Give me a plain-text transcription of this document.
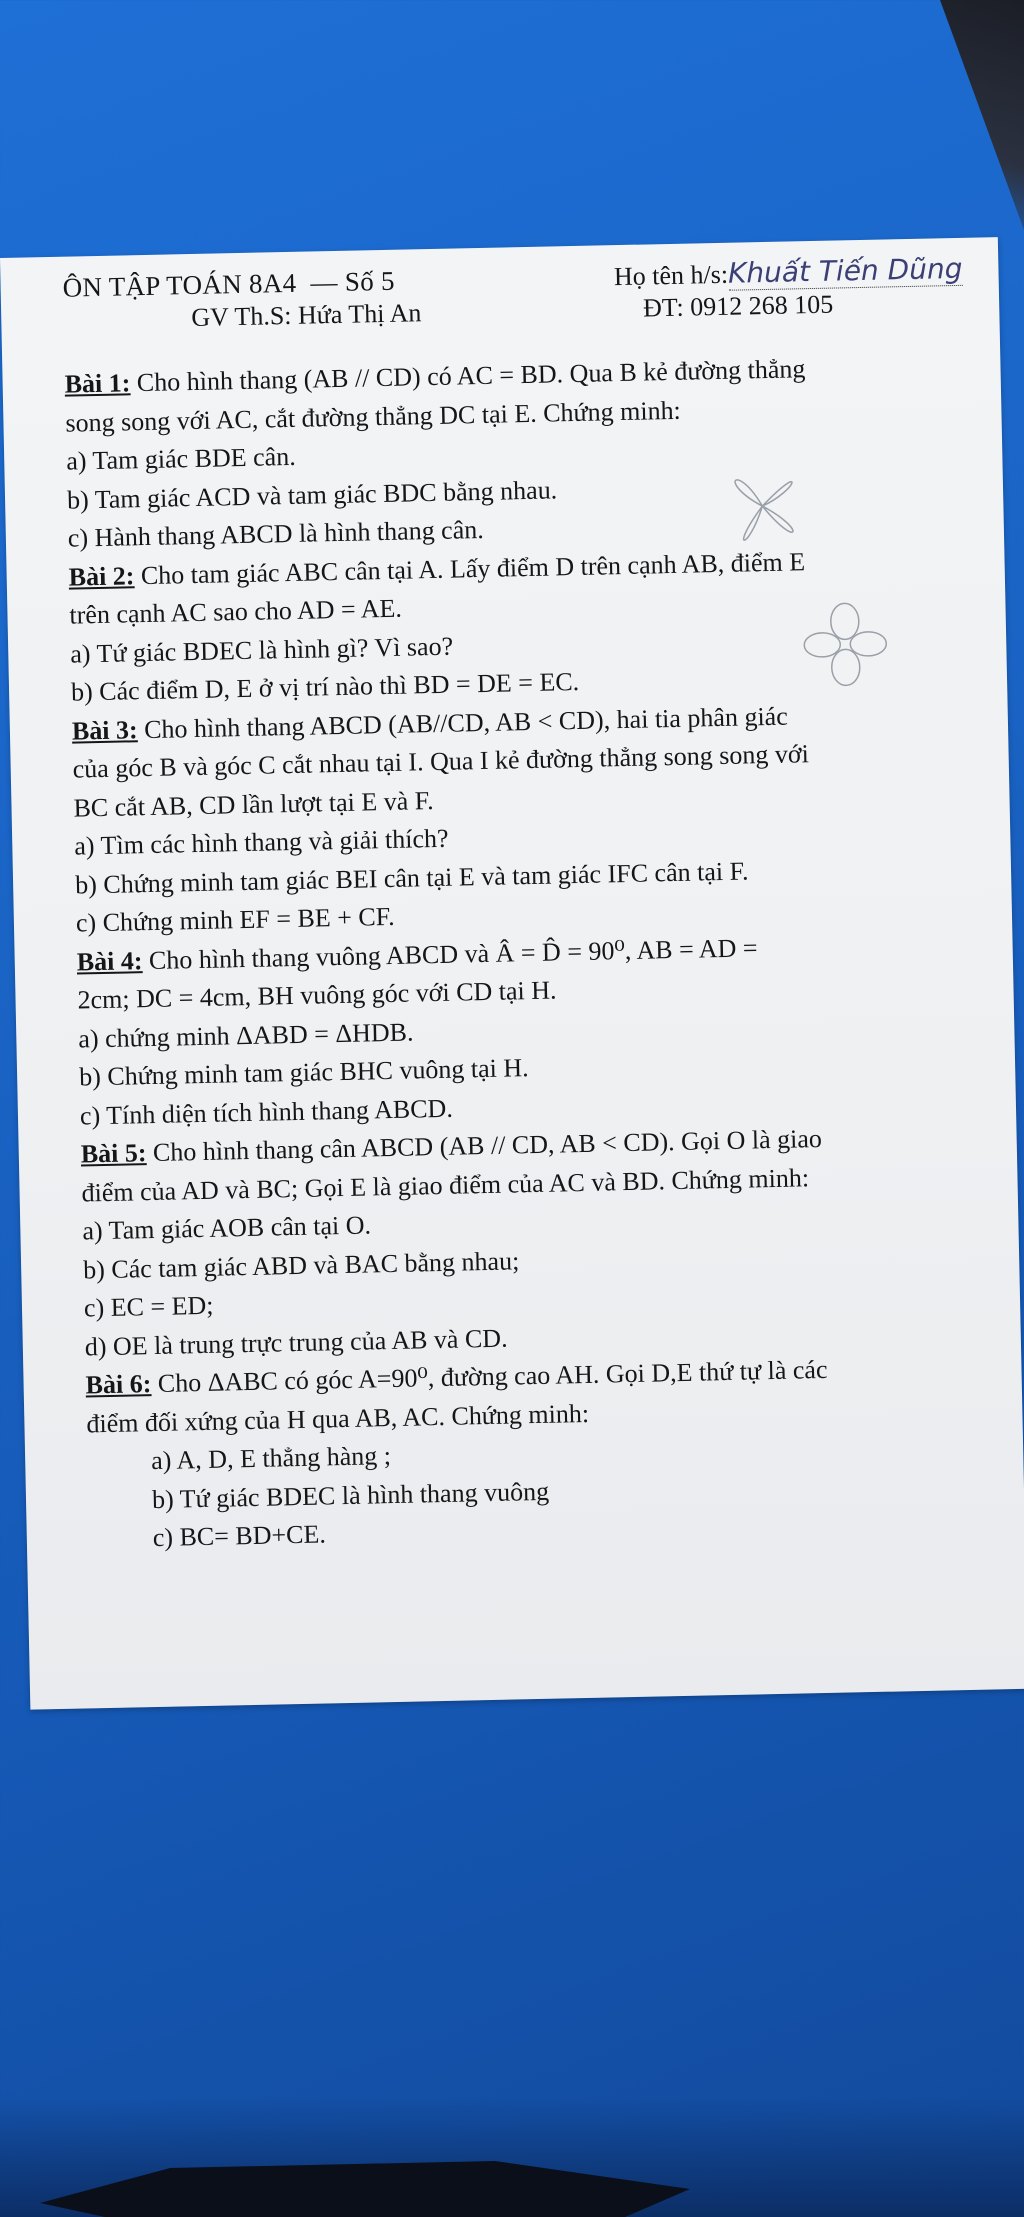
ÔN TẬP TOÁN 8A4 — Số 5	Họ tên h/s:Khuất Tiến Dũng
GV Th.S: Hứa Thị An	ĐT: 0912 268 105
Bài 1: Cho hình thang (AB // CD) có AC = BD. Qua B kẻ đường thẳng
song song với AC, cắt đường thẳng DC tại E. Chứng minh:
a) Tam giác BDE cân.
b) Tam giác ACD và tam giác BDC bằng nhau.
c) Hành thang ABCD là hình thang cân.
Bài 2: Cho tam giác ABC cân tại A. Lấy điểm D trên cạnh AB, điểm E
trên cạnh AC sao cho AD = AE.
a) Tứ giác BDEC là hình gì? Vì sao?
b) Các điểm D, E ở vị trí nào thì BD = DE = EC.
Bài 3: Cho hình thang ABCD (AB//CD, AB < CD), hai tia phân giác
của góc B và góc C cắt nhau tại I. Qua I kẻ đường thẳng song song với
BC cắt AB, CD lần lượt tại E và F.
a) Tìm các hình thang và giải thích?
b) Chứng minh tam giác BEI cân tại E và tam giác IFC cân tại F.
c) Chứng minh EF = BE + CF.
Bài 4: Cho hình thang vuông ABCD và Â = D̂ = 90⁰, AB = AD =
2cm; DC = 4cm, BH vuông góc với CD tại H.
a) chứng minh ΔABD = ΔHDB.
b) Chứng minh tam giác BHC vuông tại H.
c) Tính diện tích hình thang ABCD.
Bài 5: Cho hình thang cân ABCD (AB // CD, AB < CD). Gọi O là giao
điểm của AD và BC; Gọi E là giao điểm của AC và BD. Chứng minh:
a) Tam giác AOB cân tại O.
b) Các tam giác ABD và BAC bằng nhau;
c) EC = ED;
d) OE là trung trực trung của AB và CD.
Bài 6: Cho ΔABC có góc A=90⁰, đường cao AH. Gọi D,E thứ tự là các
điểm đối xứng của H qua AB, AC. Chứng minh:
a) A, D, E thẳng hàng ;
b) Tứ giác BDEC là hình thang vuông
c) BC= BD+CE.
